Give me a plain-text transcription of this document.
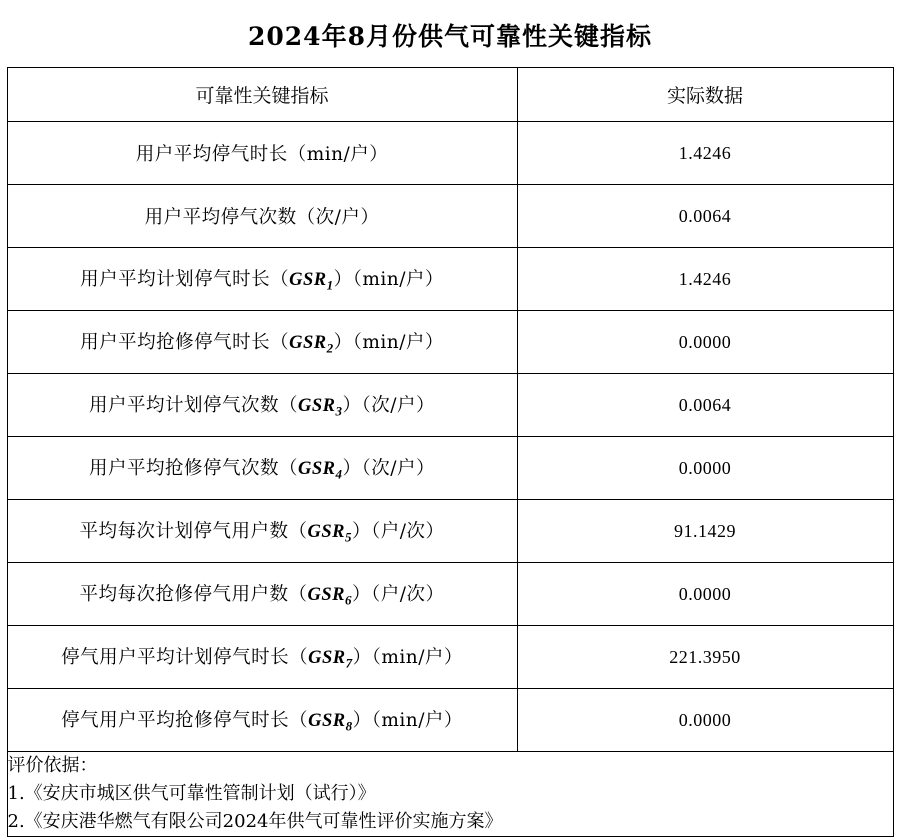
2024年8月份供气可靠性关键指标
可靠性关键指标	实际数据
用户平均停气时长（min/户）	1.4246
用户平均停气次数（次/户）	0.0064
用户平均计划停气时长$(GSR_1)(\min/$户）	1.4246
用户平均抢修停气时长$(GSR_2)(\min/$户）	0.0000
用户平均计划停气次数$(GSR_3)$（次/户）	0.0064
用户平均抢修停气次数$(GSR_4)$（次/户）	0.0000
平均每次计划停气用户数$(GSR_5)$（户/次）	91.1429
平均每次抢修停气用户数$(GSR_6)$（户/次）	0.0000
停气用户平均计划停气时长$(GSR_7)(\min/$户）	221.3950
停气用户平均抢修停气时长$(GSR_8)(\min/$户）	0.0000

评价依据：
1.《安庆市城区供气可靠性管制计划（试行）》
2.《安庆港华燃气有限公司2024年供气可靠性评价实施方案》	
